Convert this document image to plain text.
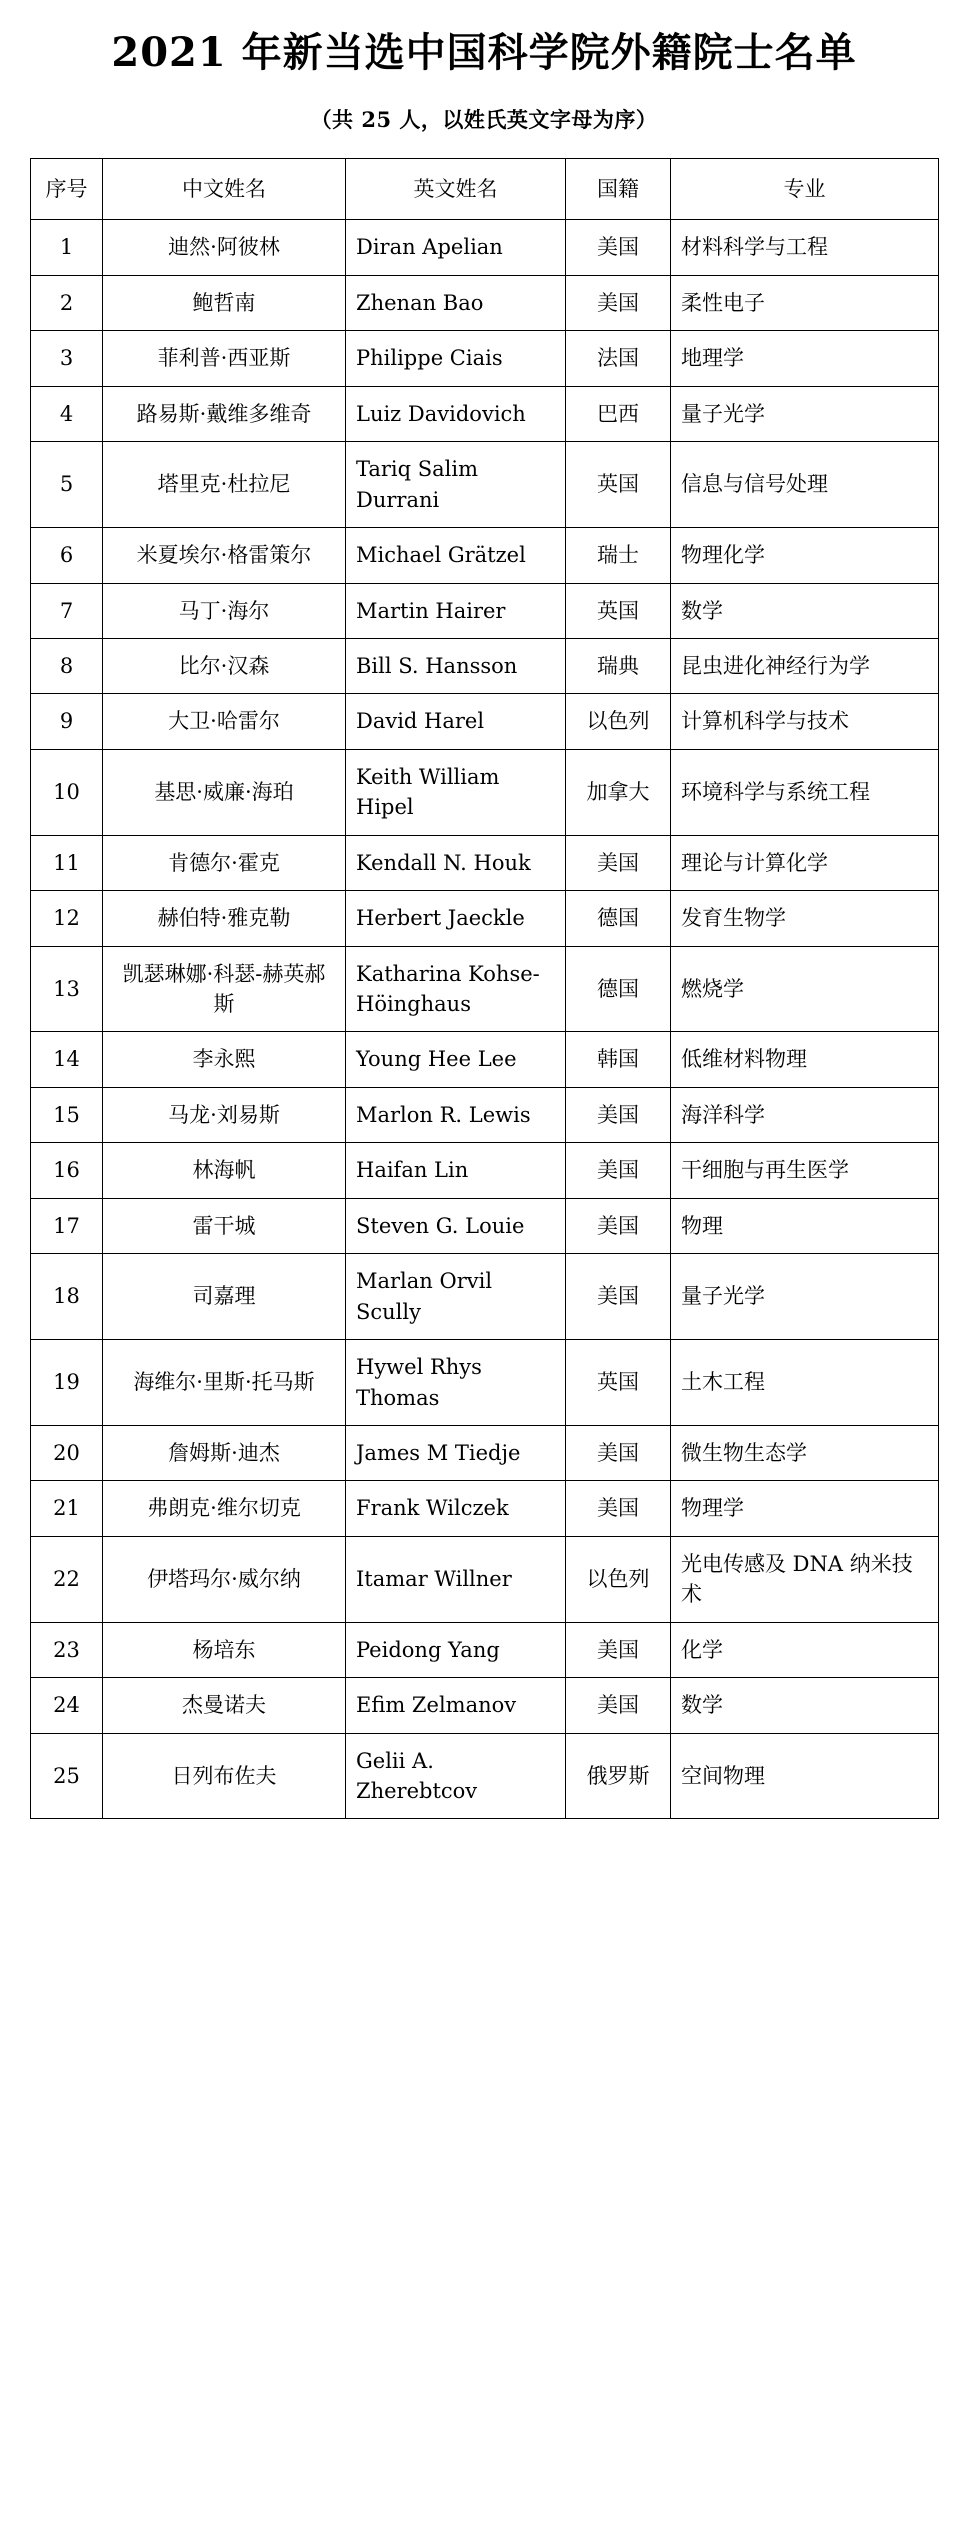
2021 年新当选中国科学院外籍院士名单
（共 25 人，以姓氏英文字母为序）
序号	中文姓名	英文姓名	国籍	专业
1	迪然·阿彼林	Diran Apelian	美国	材料科学与工程
2	鲍哲南	Zhenan Bao	美国	柔性电子
3	菲利普·西亚斯	Philippe Ciais	法国	地理学
4	路易斯·戴维多维奇	Luiz Davidovich	巴西	量子光学
5	塔里克·杜拉尼	Tariq Salim Durrani	英国	信息与信号处理
6	米夏埃尔·格雷策尔	Michael Grätzel	瑞士	物理化学
7	马丁·海尔	Martin Hairer	英国	数学
8	比尔·汉森	Bill S. Hansson	瑞典	昆虫进化神经行为学
9	大卫·哈雷尔	David Harel	以色列	计算机科学与技术
10	基思·威廉·海珀	Keith William Hipel	加拿大	环境科学与系统工程
11	肯德尔·霍克	Kendall N. Houk	美国	理论与计算化学
12	赫伯特·雅克勒	Herbert Jaeckle	德国	发育生物学
13	凯瑟琳娜·科瑟-赫英郝斯	Katharina Kohse-Höinghaus	德国	燃烧学
14	李永熙	Young Hee Lee	韩国	低维材料物理
15	马龙·刘易斯	Marlon R. Lewis	美国	海洋科学
16	林海帆	Haifan Lin	美国	干细胞与再生医学
17	雷干城	Steven G. Louie	美国	物理
18	司嘉理	Marlan Orvil Scully	美国	量子光学
19	海维尔·里斯·托马斯	Hywel Rhys Thomas	英国	土木工程
20	詹姆斯·迪杰	James M Tiedje	美国	微生物生态学
21	弗朗克·维尔切克	Frank Wilczek	美国	物理学
22	伊塔玛尔·威尔纳	Itamar Willner	以色列	光电传感及 DNA 纳米技术
23	杨培东	Peidong Yang	美国	化学
24	杰曼诺夫	Efim Zelmanov	美国	数学
25	日列布佐夫	Gelii A. Zherebtcov	俄罗斯	空间物理
